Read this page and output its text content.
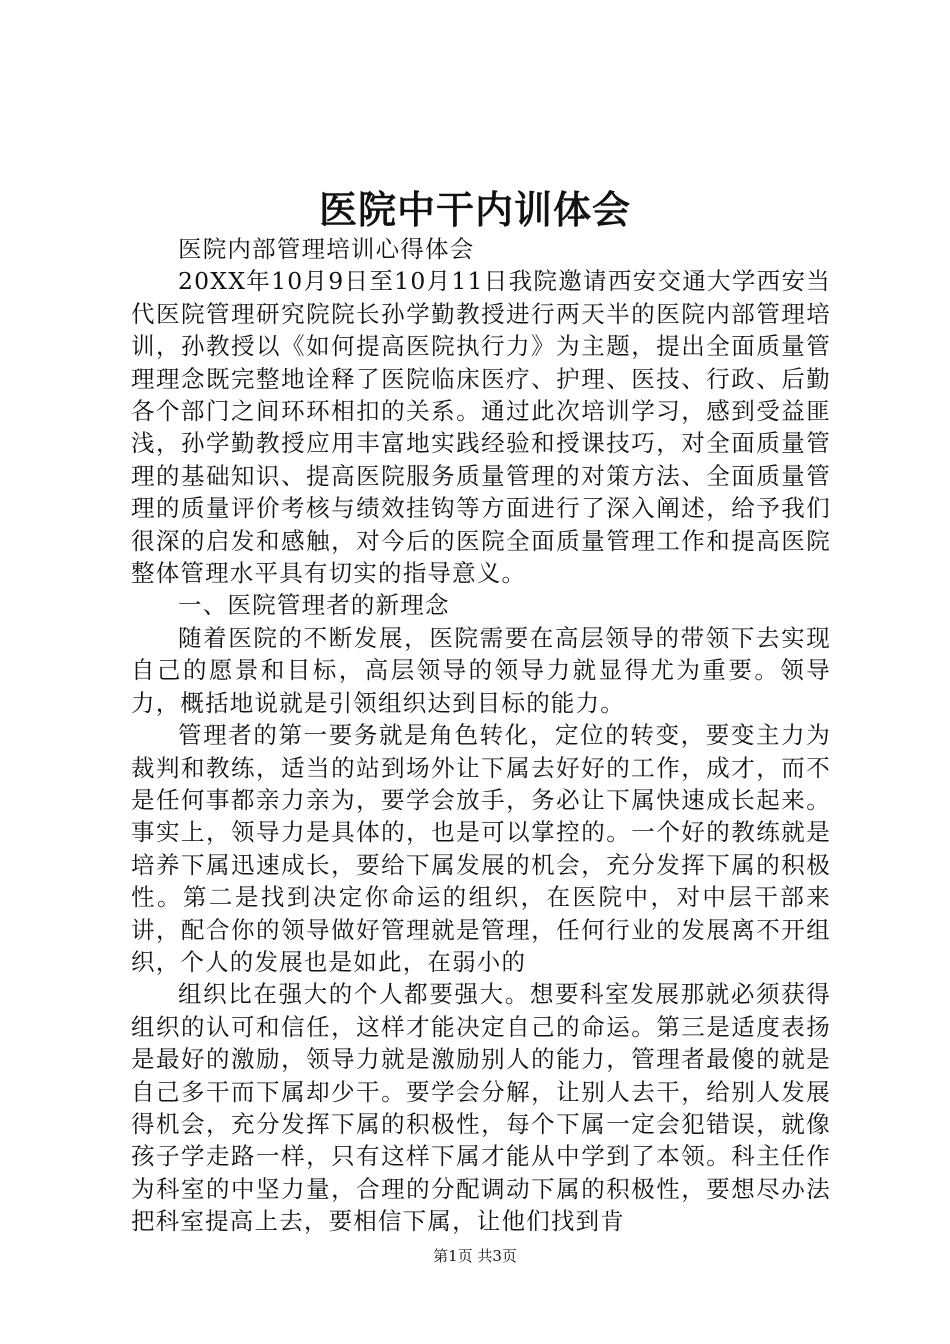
医院中干内训体会

医院内部管理培训心得体会

20XX年10月9日至10月11日我院邀请西安交通大学西安当代医院管理研究院院长孙学勤教授进行两天半的医院内部管理培训，孙教授以《如何提高医院执行力》为主题，提出全面质量管理理念既完整地诠释了医院临床医疗、护理、医技、行政、后勤各个部门之间环环相扣的关系。通过此次培训学习，感到受益匪浅，孙学勤教授应用丰富地实践经验和授课技巧，对全面质量管理的基础知识、提高医院服务质量管理的对策方法、全面质量管理的质量评价考核与绩效挂钩等方面进行了深入阐述，给予我们很深的启发和感触，对今后的医院全面质量管理工作和提高医院整体管理水平具有切实的指导意义。

一、医院管理者的新理念

随着医院的不断发展，医院需要在高层领导的带领下去实现自己的愿景和目标，高层领导的领导力就显得尤为重要。领导力，概括地说就是引领组织达到目标的能力。

管理者的第一要务就是角色转化，定位的转变，要变主力为裁判和教练，适当的站到场外让下属去好好的工作，成才，而不是任何事都亲力亲为，要学会放手，务必让下属快速成长起来。事实上，领导力是具体的，也是可以掌控的。一个好的教练就是培养下属迅速成长，要给下属发展的机会，充分发挥下属的积极性。第二是找到决定你命运的组织，在医院中，对中层干部来讲，配合你的领导做好管理就是管理，任何行业的发展离不开组织，个人的发展也是如此，在弱小的

组织比在强大的个人都要强大。想要科室发展那就必须获得组织的认可和信任，这样才能决定自己的命运。第三是适度表扬是最好的激励，领导力就是激励别人的能力，管理者最傻的就是自己多干而下属却少干。要学会分解，让别人去干，给别人发展得机会，充分发挥下属的积极性，每个下属一定会犯错误，就像孩子学走路一样，只有这样下属才能从中学到了本领。科主任作为科室的中坚力量，合理的分配调动下属的积极性，要想尽办法把科室提高上去，要相信下属，让他们找到肯

第1页 共3页
